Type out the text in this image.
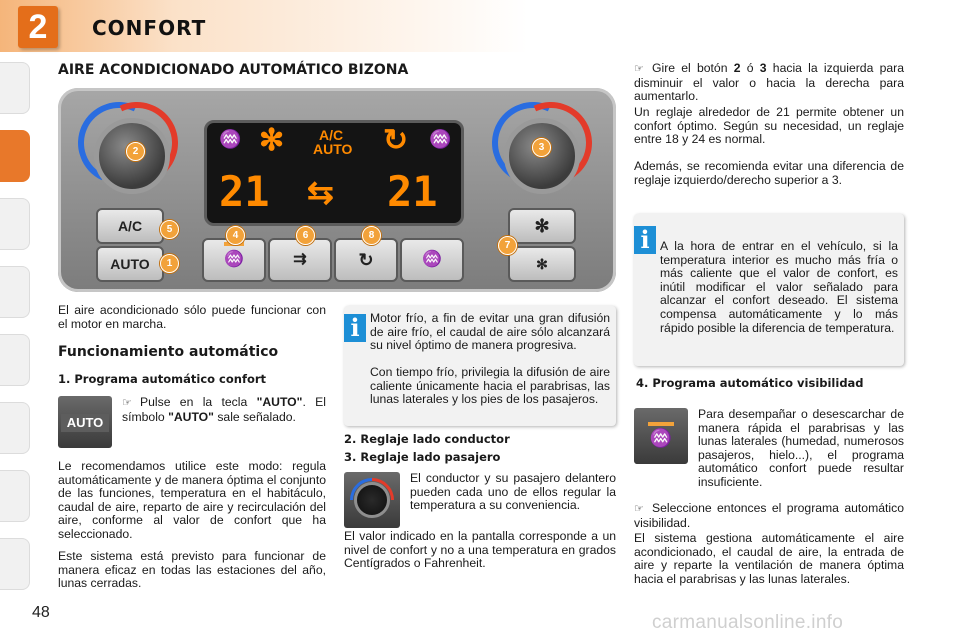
2	CONFORT
AIRE ACONDICIONADO AUTOMÁTICO BIZONA
2	3
♒ ✻ A/C
AUTO ↻ ♒
21 ⇆ 21
A/C
AUTO
5
1	♒	⇉	↻	♒
4	6	8	✻
✻
7
El aire acondicionado sólo puede funcionar con el motor en marcha.
Funcionamiento automático
1. Programa automático confort
AUTO
☞ Pulse en la tecla "AUTO". El símbolo "AUTO" sale señalado.
Le recomendamos utilice este modo: regula automáticamente y de manera óptima el conjunto de las funciones, temperatura en el habitáculo, caudal de aire, reparto de aire y recirculación del aire, conforme al valor de confort que ha seleccionado.
Este sistema está previsto para funcionar de manera eficaz en todas las estaciones del año, lunas cerradas.
i Motor frío, a fin de evitar una gran difusión de aire frío, el caudal de aire sólo alcanzará su nivel óptimo de manera progresiva.
Con tiempo frío, privilegia la difusión de aire caliente únicamente hacia el parabrisas, las lunas laterales y los pies de los pasajeros.
2. Reglaje lado conductor
3. Reglaje lado pasajero
El conductor y su pasajero delantero pueden cada uno de ellos regular la temperatura a su conveniencia.
El valor indicado en la pantalla corresponde a un nivel de confort y no a una temperatura en grados Centígrados o Fahrenheit.
☞ Gire el botón 2 ó 3 hacia la izquierda para disminuir el valor o hacia la derecha para aumentarlo.
Un reglaje alrededor de 21 permite obtener un confort óptimo. Según su necesidad, un reglaje entre 18 y 24 es normal.
Además, se recomienda evitar una diferencia de reglaje izquierdo/derecho superior a 3.
i A la hora de entrar en el vehículo, si la temperatura interior es mucho más fría o más caliente que el valor de confort, es inútil modificar el valor señalado para alcanzar el confort deseado. El sistema compensa automáticamente y lo más rápido posible la diferencia de temperatura.
4. Programa automático visibilidad
♒
Para desempañar o desescarchar de manera rápida el parabrisas y las lunas laterales (humedad, numerosos pasajeros, hielo...), el programa automático confort puede resultar insuficiente.
☞ Seleccione entonces el programa automático visibilidad.
El sistema gestiona automáticamente el aire acondicionado, el caudal de aire, la entrada de aire y reparte la ventilación de manera óptima hacia el parabrisas y las lunas laterales.
48	carmanualsonline.info
